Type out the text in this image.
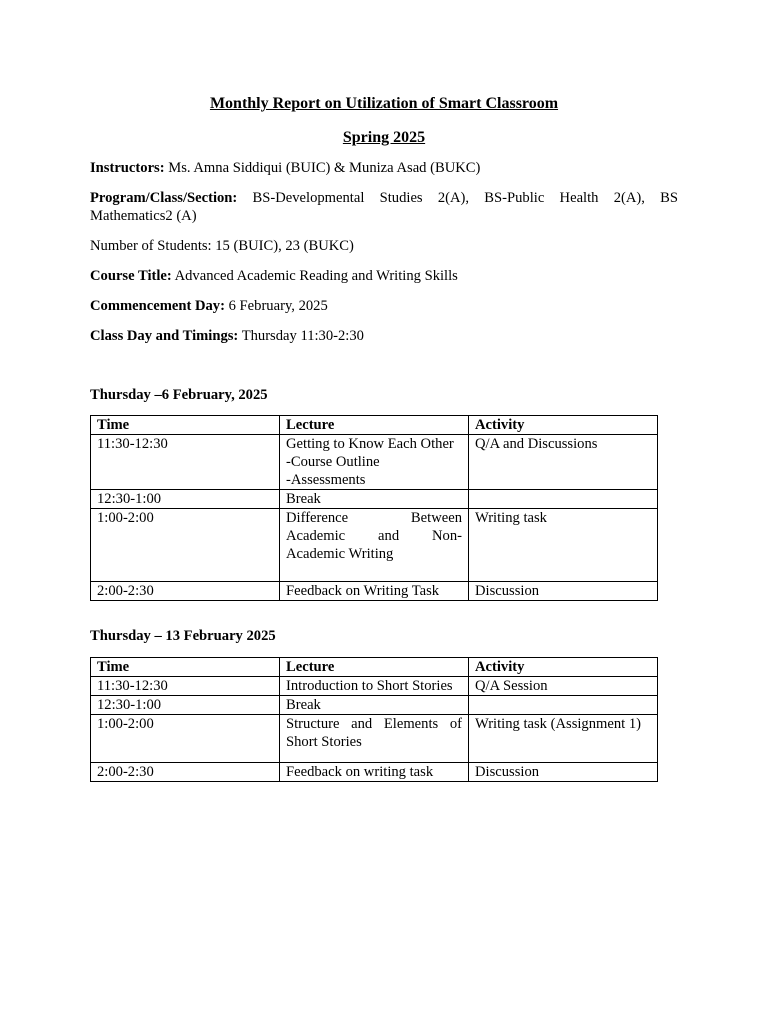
Monthly Report on Utilization of Smart Classroom
Spring 2025
Instructors: Ms. Amna Siddiqui (BUIC) & Muniza Asad (BUKC)
Program/Class/Section: BS-Developmental Studies 2(A), BS-Public Health 2(A), BS
Mathematics2 (A)
Number of Students: 15 (BUIC), 23 (BUKC)
Course Title: Advanced Academic Reading and Writing Skills
Commencement Day: 6 February, 2025
Class Day and Timings: Thursday 11:30-2:30
Thursday –6 February, 2025
Time	Lecture	Activity
11:30-12:30	Getting to Know Each Other
-Course Outline
-Assessments	Q/A and Discussions
12:30-1:00	Break	

1:00-2:00	Difference Between
Academic and Non-
Academic Writing	Writing task
2:00-2:30	Feedback on Writing Task	Discussion
Thursday – 13 February 2025
Time	Lecture	Activity
11:30-12:30	Introduction to Short Stories	Q/A Session
12:30-1:00	Break	

1:00-2:00	Structure and Elements of
Short Stories	Writing task (Assignment 1)
2:00-2:30	Feedback on writing task	Discussion
